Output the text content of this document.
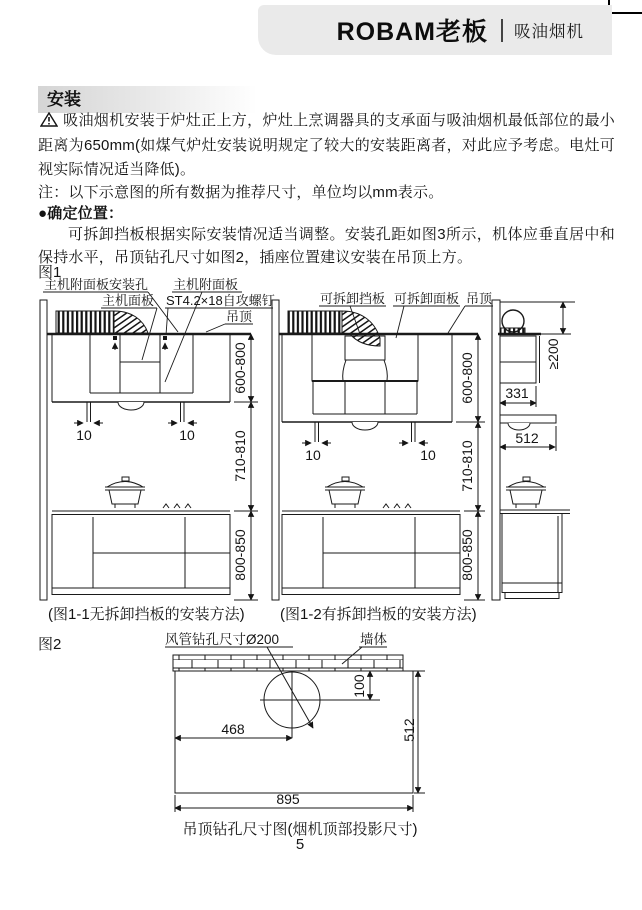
ROBAM老板 吸油烟机
安装
吸油烟机安装于炉灶正上方，炉灶上烹调器具的支承面与吸油烟机最低部位的最小距离为650mm(如煤气炉灶安装说明规定了较大的安装距离者，对此应予考虑。电灶可视实际情况适当降低)。
注：以下示意图的所有数据为推荐尺寸，单位均以mm表示。
●确定位置：
可拆卸挡板根据实际安装情况适当调整。安装孔距如图3所示，机体应垂直居中和保持水平，吊顶钻孔尺寸如图2，插座位置建议安装在吊顶上方。
图1
主机附面板安装孔 主机附面板
主机面板 ST4.2×18自攻螺钉
吊顶
10	10
600-800
710-810
800-850
可拆卸挡板 可拆卸面板 吊顶
10	10
600-800
710-810
800-850
≥200
331
512
(图1-1无拆卸挡板的安装方法) (图1-2有拆卸挡板的安装方法)
图2	风管钻孔尺寸Ø200	墙体
100
468	512
895
吊顶钻孔尺寸图(烟机顶部投影尺寸)
5
